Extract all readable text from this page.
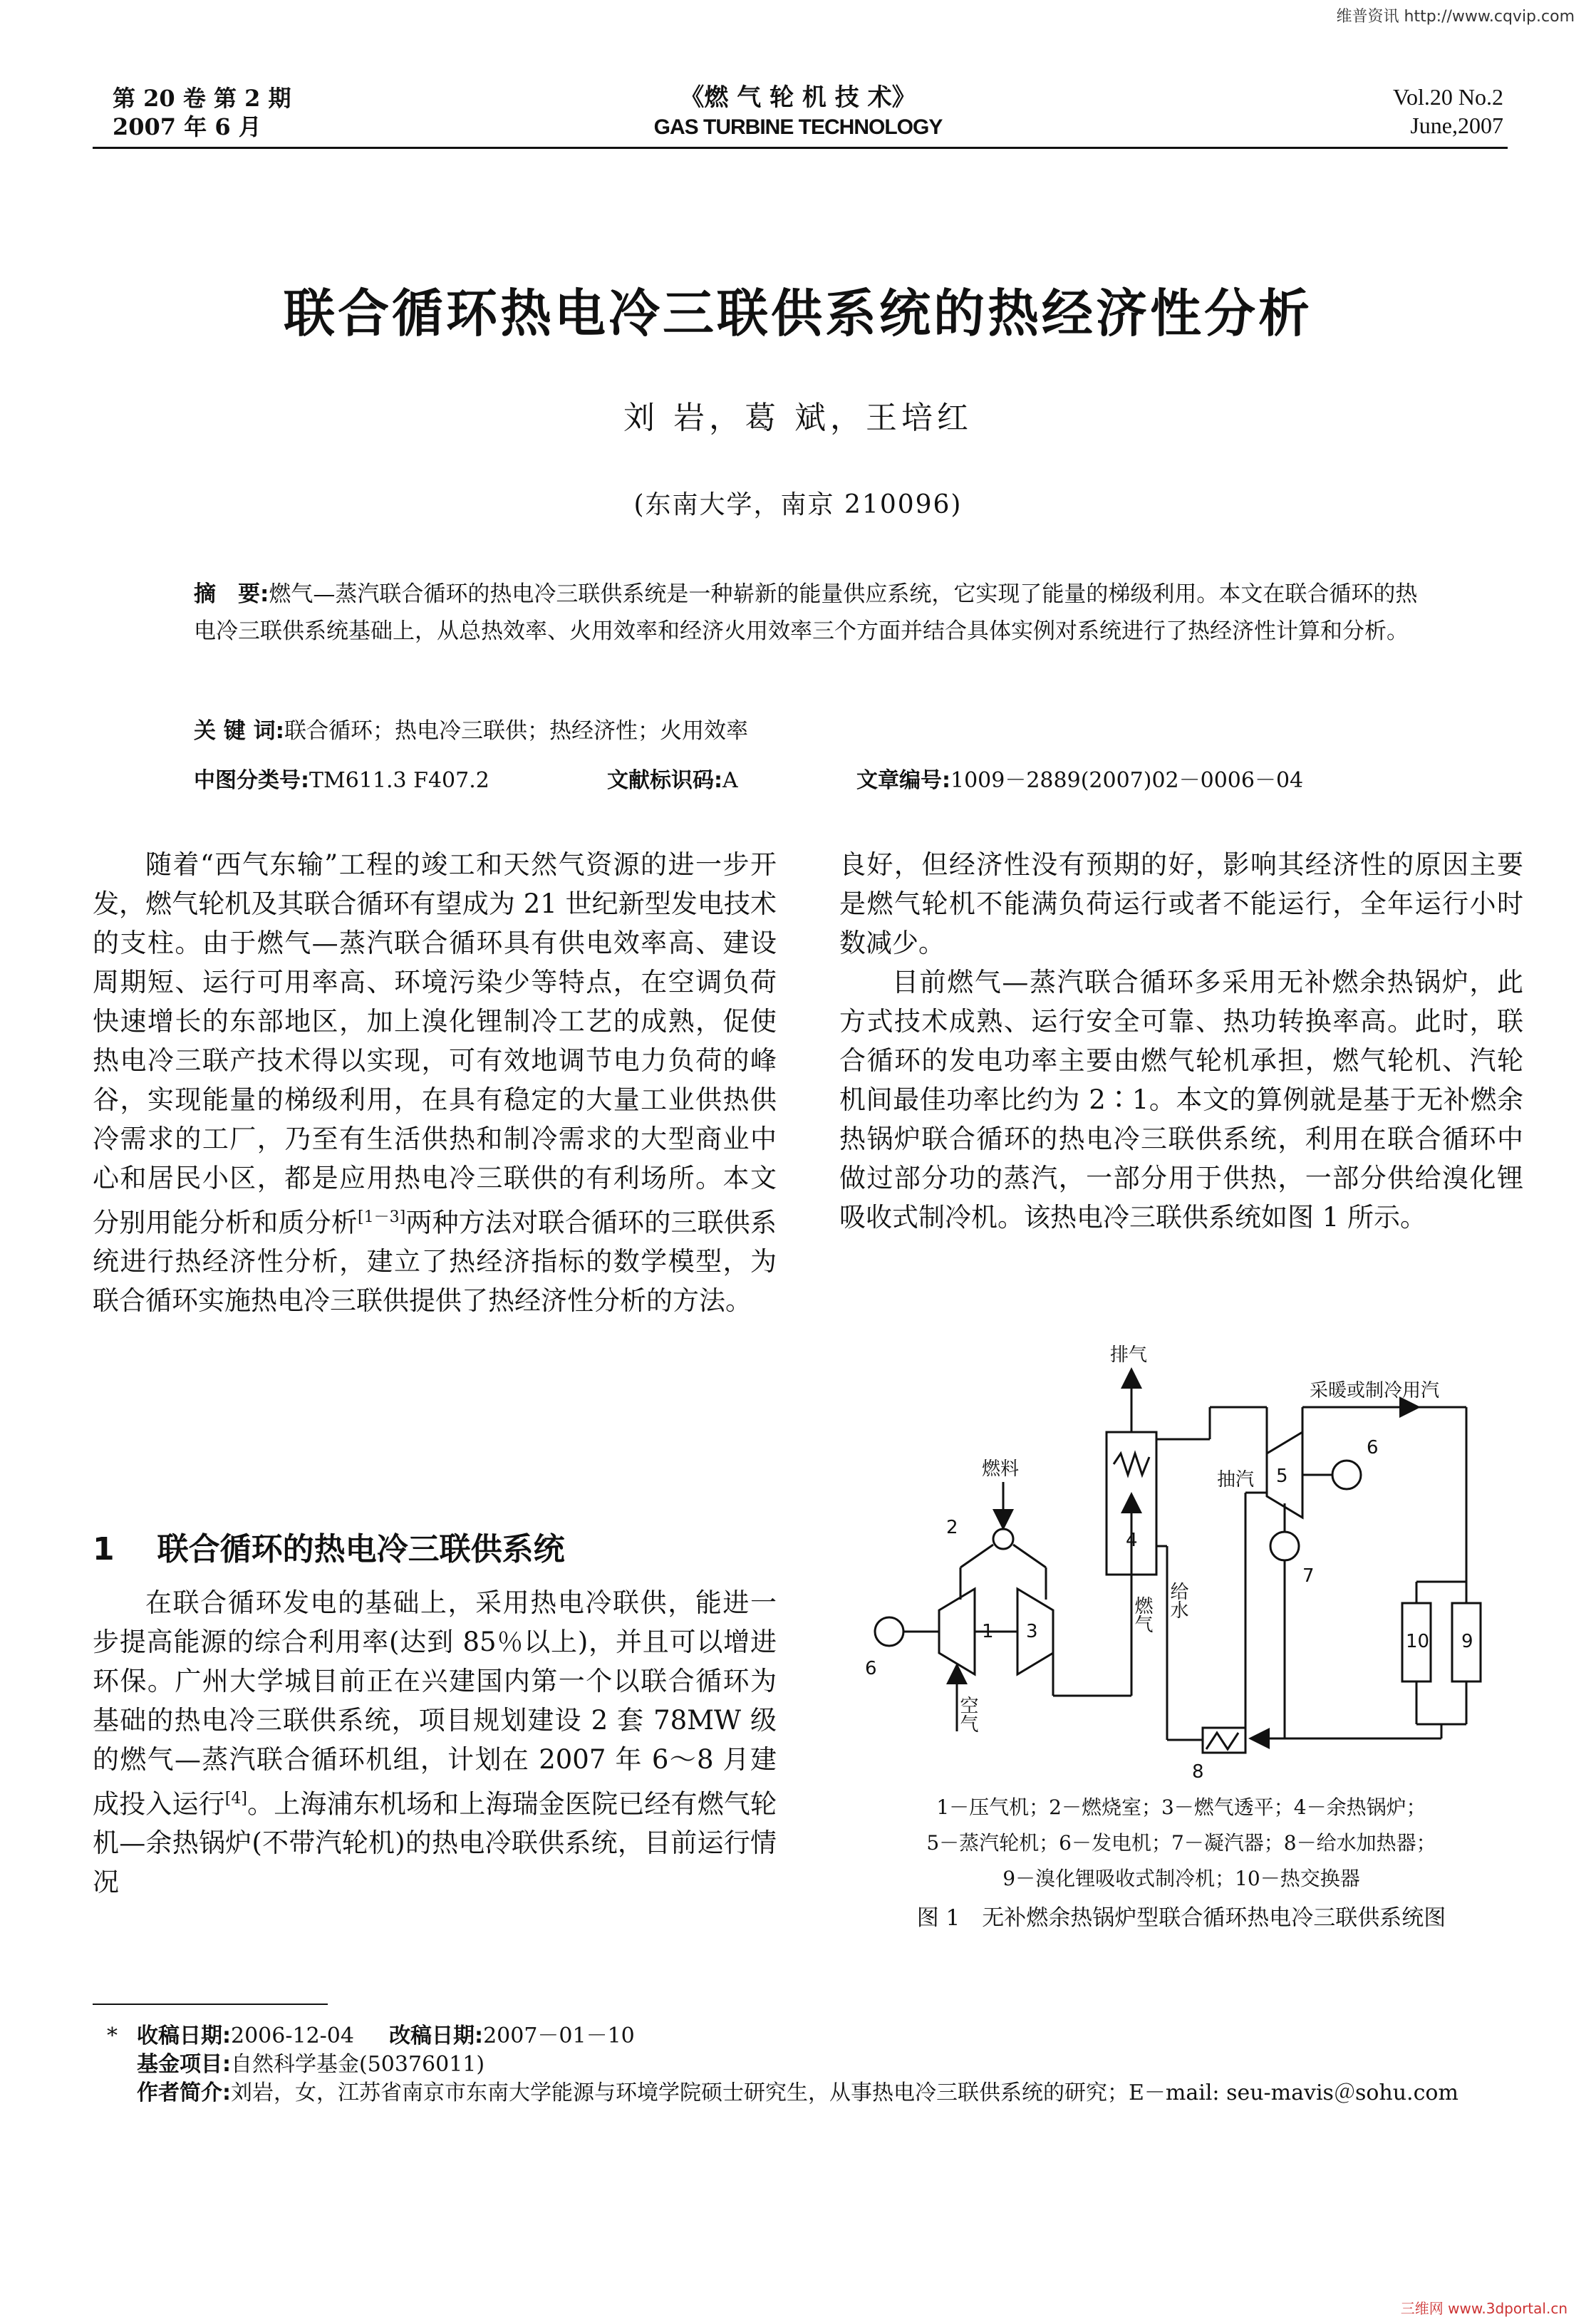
维普资讯 http://www.cqvip.com
第 20 卷 第 2 期
2007 年 6 月
《燃 气 轮 机 技 术》
GAS TURBINE TECHNOLOGY
Vol.20 No.2
June,2007
联合循环热电冷三联供系统的热经济性分析
刘 岩，葛 斌，王培红
(东南大学，南京 210096)
摘　要:燃气—蒸汽联合循环的热电冷三联供系统是一种崭新的能量供应系统，它实现了能量的梯级利用。本文在联合循环的热电冷三联供系统基础上，从总热效率、火用效率和经济火用效率三个方面并结合具体实例对系统进行了热经济性计算和分析。
关 键 词:联合循环；热电冷三联供；热经济性；火用效率
中图分类号:TM611.3 F407.2	文献标识码:A	文章编号:1009－2889(2007)02－0006－04

随着“西气东输”工程的竣工和天然气资源的进一步开发，燃气轮机及其联合循环有望成为 21 世纪新型发电技术的支柱。由于燃气—蒸汽联合循环具有供电效率高、建设周期短、运行可用率高、环境污染少等特点，在空调负荷快速增长的东部地区，加上溴化锂制冷工艺的成熟，促使热电冷三联产技术得以实现，可有效地调节电力负荷的峰谷，实现能量的梯级利用，在具有稳定的大量工业供热供冷需求的工厂，乃至有生活供热和制冷需求的大型商业中心和居民小区，都是应用热电冷三联供的有利场所。本文分别用能分析和质分析[1－3]两种方法对联合循环的三联供系统进行热经济性分析，建立了热经济指标的数学模型，为联合循环实施热电冷三联供提供了热经济性分析的方法。

1 联合循环的热电冷三联供系统

在联合循环发电的基础上，采用热电冷联供，能进一步提高能源的综合利用率(达到 85％以上)，并且可以增进环保。广州大学城目前正在兴建国内第一个以联合循环为基础的热电冷三联供系统，项目规划建设 2 套 78MW 级的燃气—蒸汽联合循环机组，计划在 2007 年 6～8 月建成投入运行[4]。上海浦东机场和上海瑞金医院已经有燃气轮机—余热锅炉(不带汽轮机)的热电冷联供系统，目前运行情况

良好，但经济性没有预期的好，影响其经济性的原因主要是燃气轮机不能满负荷运行或者不能运行，全年运行小时数减少。

目前燃气—蒸汽联合循环多采用无补燃余热锅炉，此方式技术成熟、运行安全可靠、热功转换率高。此时，联合循环的发电功率主要由燃气轮机承担，燃气轮机、汽轮机间最佳功率比约为 2∶1。本文的算例就是基于无补燃余热锅炉联合循环的热电冷三联供系统，利用在联合循环中做过部分功的蒸汽，一部分用于供热，一部分供给溴化锂吸收式制冷机。该热电冷三联供系统如图 1 所示。

1
2
3
4
5
6
6
7
8
9
10
排气
采暖或制冷用汽
燃料	抽汽
燃气 给水
空气
1－压气机；2－燃烧室；3－燃气透平；4－余热锅炉；
5－蒸汽轮机；6－发电机；7－凝汽器；8－给水加热器；
9－溴化锂吸收式制冷机；10－热交换器
图 1　无补燃余热锅炉型联合循环热电冷三联供系统图
* 收稿日期:2006-12-04 改稿日期:2007－01－10
基金项目:自然科学基金(50376011)
作者简介:刘岩，女，江苏省南京市东南大学能源与环境学院硕士研究生，从事热电冷三联供系统的研究；E－mail: seu-mavis＠sohu.com
三维网 www.3dportal.cn
